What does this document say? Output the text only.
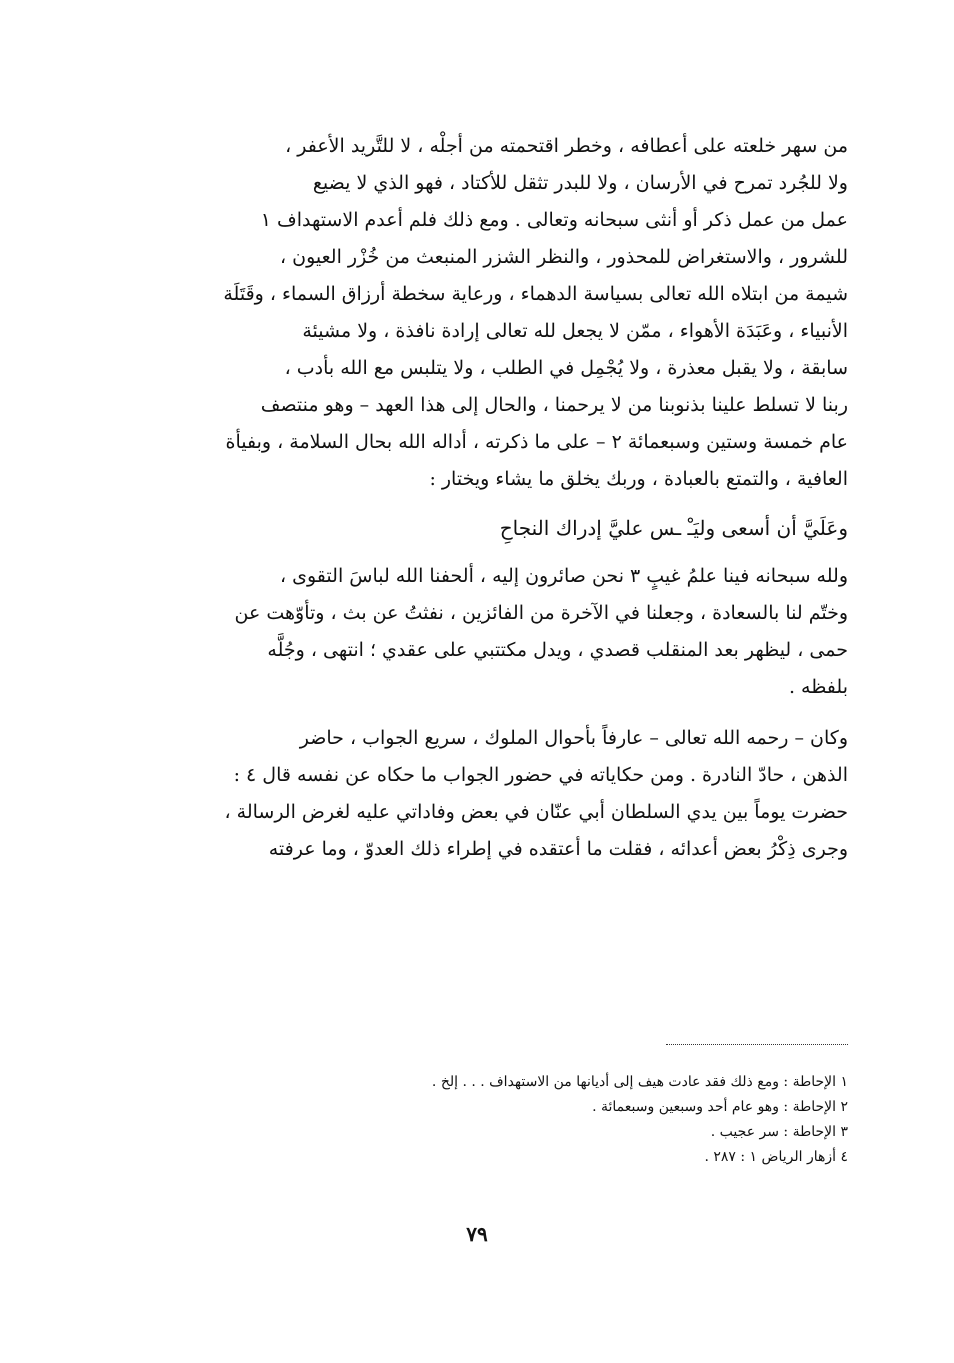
من سهر خلعته على أعطافه ، وخطر اقتحمته من أجلْه ، لا للتَّريد الأعفر ،
ولا للجُرد تمرح في الأرسان ، ولا للبدر تثقل للأكتاد ، فهو الذي لا يضيع
عمل من عمل ذكر أو أنثى سبحانه وتعالى . ومع ذلك فلم أعدم الاستهداف ١
للشرور ، والاستغراض للمحذور ، والنظر الشزر المنبعث من خُزْر العيون ،
شيمة من ابتلاه الله تعالى بسياسة الدهماء ، ورعاية سخطة أرزاق السماء ، وقَتَلَة
الأنبياء ، وعَبَدَة الأهواء ، ممّن لا يجعل لله تعالى إرادة نافذة ، ولا مشيئة
سابقة ، ولا يقبل معذرة ، ولا يُجْمِل في الطلب ، ولا يتلبس مع الله بأدب ،
ربنا لا تسلط علينا بذنوبنا من لا يرحمنا ، والحال إلى هذا العهد – وهو منتصف
عام خمسة وستين وسبعمائة ٢ – على ما ذكرته ، أداله الله بحال السلامة ، وبفيأة
العافية ، والتمتع بالعبادة ، وربك يخلق ما يشاء ويختار :
وعَلَيَّ أن أسعى وليَـْ ـس عليَّ إدراك النجاحِ
ولله سبحانه فينا علمُ غيبٍ ٣ نحن صائرون إليه ، ألحفنا الله لباسَ التقوى ،
وختّم لنا بالسعادة ، وجعلنا في الآخرة من الفائزين ، نفثتُ عن بث ، وتأوّهت عن
حمى ، ليظهر بعد المنقلب قصدي ، ويدل مكتتبي على عقدي ؛ انتهى ، وجُلَّه
بلفظه .
وكان – رحمه الله تعالى – عارفاً بأحوال الملوك ، سريع الجواب ، حاضر
الذهن ، حادّ النادرة . ومن حكاياته في حضور الجواب ما حكاه عن نفسه قال ٤ :
حضرت يوماً بين يدي السلطان أبي عنّان في بعض وفاداتي عليه لغرض الرسالة ،
وجرى ذِكْرُ بعض أعدائه ، فقلت ما أعتقده في إطراء ذلك العدوّ ، وما عرفته
١ الإحاطة : ومع ذلك فقد عادت هيف إلى أديانها من الاستهداف . . . إلخ .
٢ الإحاطة : وهو عام أحد وسبعين وسبعمائة .
٣ الإحاطة : سر عجيب .
٤ أزهار الرياض ١ : ٢٨٧ .
٧٩
